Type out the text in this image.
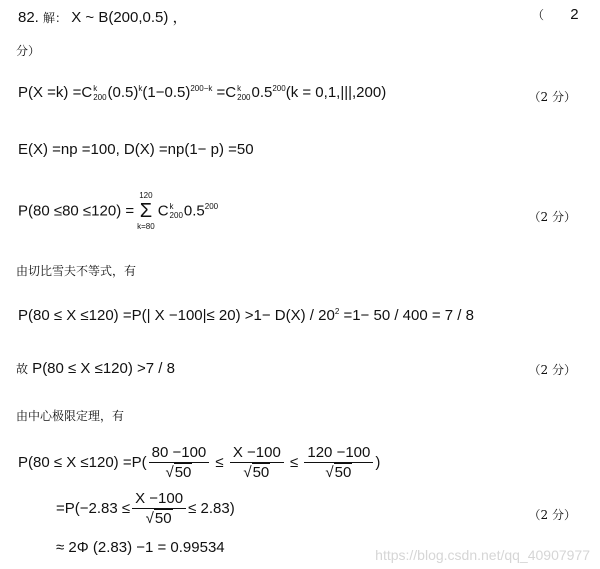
82. 解： X ~ B(200,0.5) ，	（ 2
分）
P(X =k) =C k
200 $(0.5)^k(1-0.5)^{200-k} =C$ k
200 $0.5^{200}(k = 0,1,|||,200)$	（2 分）
E(X) =np =100, D(X) =np(1− p) =50
P(80 ≤80 ≤120) =
120
Σ
k=80
C k
200 $0.5^{200}$
（2 分）
由切比雪夫不等式，有
P(80 ≤ X ≤120) =P(| $X -100|\le 20) >1- D(X) / 20^2 =1- 50 / 400 = 7 / 8$
故 P(80 ≤ X ≤120) >7 / 8	（2 分）
由中心极限定理，有
$P(80 \le X \le 120) =P( \frac{80 -100}{√50} \le \frac{X -100}{√50} \le \frac{120 -100}{√50}$ )
$=P(-2.83 \le \frac{X -100}{√50} \le 2.83)$	（2 分）
≈ 2Φ (2.83) −1 = 0.99534	https://blog.csdn.net/qq_40907977
